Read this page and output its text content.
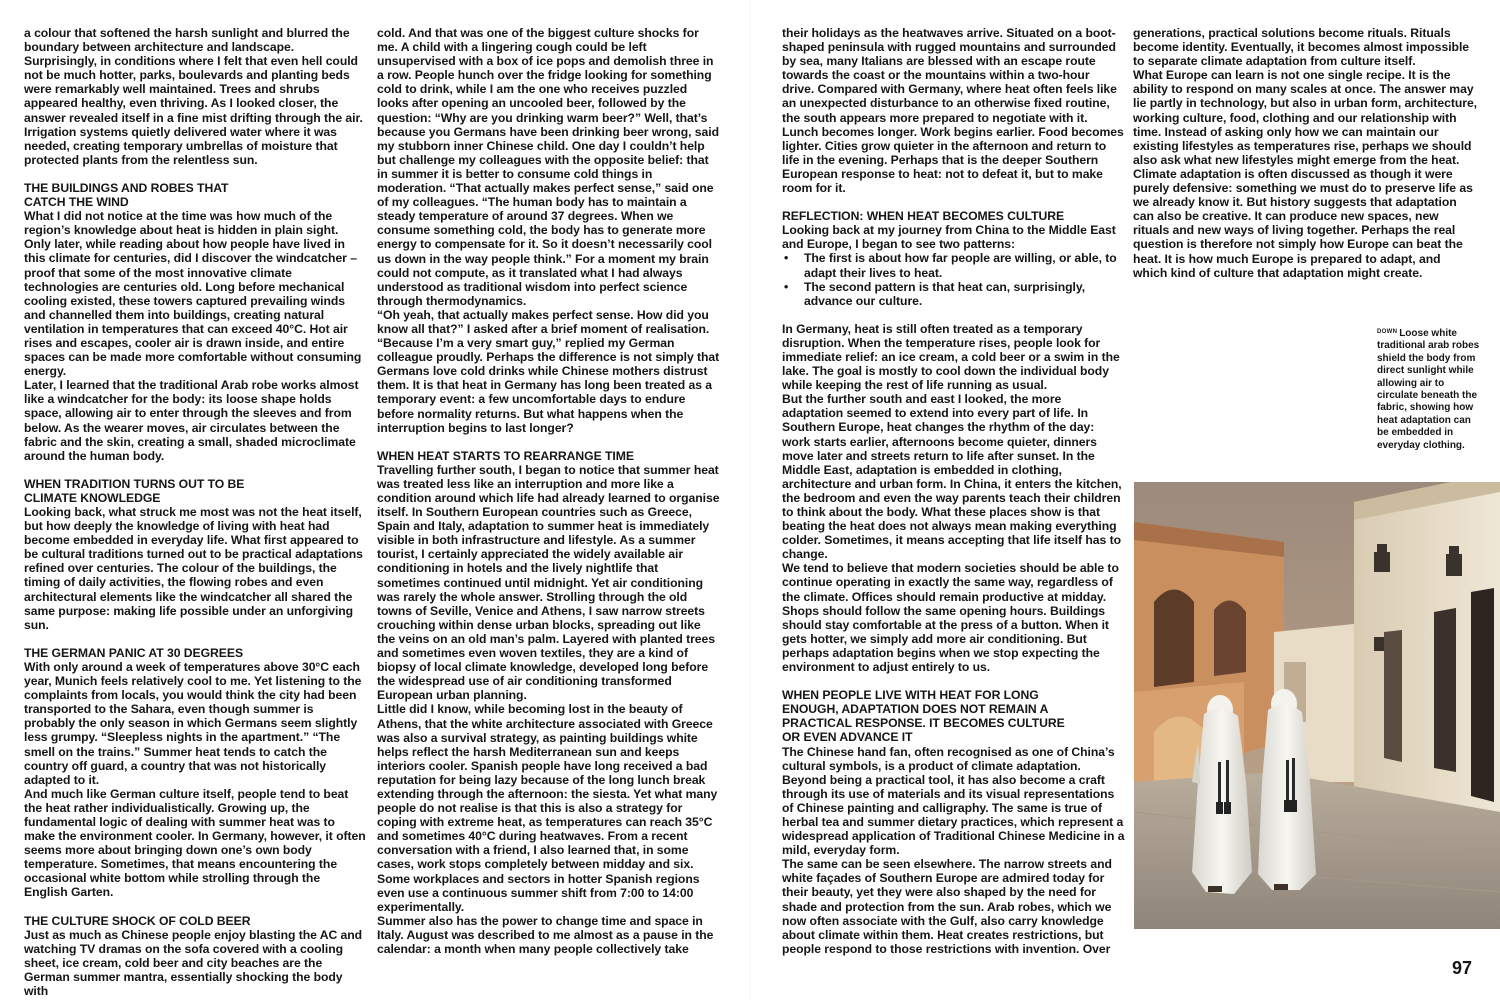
a colour that softened the harsh sunlight and blurred the boundary between architecture and landscape. Surprisingly, in conditions where I felt that even hell could not be much hotter, parks, boulevards and planting beds were remarkably well maintained. Trees and shrubs appeared healthy, even thriving. As I looked closer, the answer revealed itself in a fine mist drifting through the air. Irrigation systems quietly delivered water where it was needed, creating temporary umbrellas of moisture that protected plants from the relentless sun.

THE BUILDINGS AND ROBES THAT CATCH THE WIND

What I did not notice at the time was how much of the region’s knowledge about heat is hidden in plain sight. Only later, while reading about how people have lived in this climate for centuries, did I discover the windcatcher – proof that some of the most innovative climate technologies are centuries old. Long before mechanical cooling existed, these towers captured prevailing winds and channelled them into buildings, creating natural ventilation in temperatures that can exceed 40°C. Hot air rises and escapes, cooler air is drawn inside, and entire spaces can be made more comfortable without consuming energy.

Later, I learned that the traditional Arab robe works almost like a windcatcher for the body: its loose shape holds space, allowing air to enter through the sleeves and from below. As the wearer moves, air circulates between the fabric and the skin, creating a small, shaded microclimate around the human body.

WHEN TRADITION TURNS OUT TO BE CLIMATE KNOWLEDGE

Looking back, what struck me most was not the heat itself, but how deeply the knowledge of living with heat had become embedded in everyday life. What first appeared to be cultural traditions turned out to be practical adaptations refined over centuries. The colour of the buildings, the timing of daily activities, the flowing robes and even architectural elements like the windcatcher all shared the same purpose: making life possible under an unforgiving sun.

THE GERMAN PANIC AT 30 DEGREES

With only around a week of temperatures above 30°C each year, Munich feels relatively cool to me. Yet listening to the complaints from locals, you would think the city had been transported to the Sahara, even though summer is probably the only season in which Germans seem slightly less grumpy. “Sleepless nights in the apartment.” “The smell on the trains.” Summer heat tends to catch the country off guard, a country that was not historically adapted to it.

And much like German culture itself, people tend to beat the heat rather individualistically. Growing up, the fundamental logic of dealing with summer heat was to make the environment cooler. In Germany, however, it often seems more about bringing down one’s own body temperature. Sometimes, that means encountering the occasional white bottom while strolling through the English Garten.

THE CULTURE SHOCK OF COLD BEER

Just as much as Chinese people enjoy blasting the AC and watching TV dramas on the sofa covered with a cooling sheet, ice cream, cold beer and city beaches are the German summer mantra, essentially shocking the body with

cold. And that was one of the biggest culture shocks for me. A child with a lingering cough could be left unsupervised with a box of ice pops and demolish three in a row. People hunch over the fridge looking for something cold to drink, while I am the one who receives puzzled looks after opening an uncooled beer, followed by the question: “Why are you drinking warm beer?” Well, that’s because you Germans have been drinking beer wrong, said my stubborn inner Chinese child. One day I couldn’t help but challenge my colleagues with the opposite belief: that in summer it is better to consume cold things in moderation. “That actually makes perfect sense,” said one of my colleagues. “The human body has to maintain a steady temperature of around 37 degrees. When we consume something cold, the body has to generate more energy to compensate for it. So it doesn’t necessarily cool us down in the way people think.” For a moment my brain could not compute, as it translated what I had always understood as traditional wisdom into perfect science through thermodynamics.

“Oh yeah, that actually makes perfect sense. How did you know all that?” I asked after a brief moment of realisation. “Because I’m a very smart guy,” replied my German colleague proudly. Perhaps the difference is not simply that Germans love cold drinks while Chinese mothers distrust them. It is that heat in Germany has long been treated as a temporary event: a few uncomfortable days to endure before normality returns. But what happens when the interruption begins to last longer?

WHEN HEAT STARTS TO REARRANGE TIME

Travelling further south, I began to notice that summer heat was treated less like an interruption and more like a condition around which life had already learned to organise itself. In Southern European countries such as Greece, Spain and Italy, adaptation to summer heat is immediately visible in both infrastructure and lifestyle. As a summer tourist, I certainly appreciated the widely available air conditioning in hotels and the lively nightlife that sometimes continued until midnight. Yet air conditioning was rarely the whole answer. Strolling through the old towns of Seville, Venice and Athens, I saw narrow streets crouching within dense urban blocks, spreading out like the veins on an old man’s palm. Layered with planted trees and sometimes even woven textiles, they are a kind of biopsy of local climate knowledge, developed long before the widespread use of air conditioning transformed European urban planning.

Little did I know, while becoming lost in the beauty of Athens, that the white architecture associated with Greece was also a survival strategy, as painting buildings white helps reflect the harsh Mediterranean sun and keeps interiors cooler. Spanish people have long received a bad reputation for being lazy because of the long lunch break extending through the afternoon: the siesta. Yet what many people do not realise is that this is also a strategy for coping with extreme heat, as temperatures can reach 35°C and sometimes 40°C during heatwaves. From a recent conversation with a friend, I also learned that, in some cases, work stops completely between midday and six. Some workplaces and sectors in hotter Spanish regions even use a continuous summer shift from 7:00 to 14:00 experimentally.

Summer also has the power to change time and space in Italy. August was described to me almost as a pause in the calendar: a month when many people collectively take

their holidays as the heatwaves arrive. Situated on a boot-shaped peninsula with rugged mountains and surrounded by sea, many Italians are blessed with an escape route towards the coast or the mountains within a two-hour drive. Compared with Germany, where heat often feels like an unexpected disturbance to an otherwise fixed routine, the south appears more prepared to negotiate with it. Lunch becomes longer. Work begins earlier. Food becomes lighter. Cities grow quieter in the afternoon and return to life in the evening. Perhaps that is the deeper Southern European response to heat: not to defeat it, but to make room for it.

REFLECTION: WHEN HEAT BECOMES CULTURE

Looking back at my journey from China to the Middle East and Europe, I began to see two patterns:

• The first is about how far people are willing, or able, to adapt their lives to heat.
• The second pattern is that heat can, surprisingly, advance our culture.

In Germany, heat is still often treated as a temporary disruption. When the temperature rises, people look for immediate relief: an ice cream, a cold beer or a swim in the lake. The goal is mostly to cool down the individual body while keeping the rest of life running as usual.

But the further south and east I looked, the more adaptation seemed to extend into every part of life. In Southern Europe, heat changes the rhythm of the day: work starts earlier, afternoons become quieter, dinners move later and streets return to life after sunset. In the Middle East, adaptation is embedded in clothing, architecture and urban form. In China, it enters the kitchen, the bedroom and even the way parents teach their children to think about the body. What these places show is that beating the heat does not always mean making everything colder. Sometimes, it means accepting that life itself has to change.

We tend to believe that modern societies should be able to continue operating in exactly the same way, regardless of the climate. Offices should remain productive at midday. Shops should follow the same opening hours. Buildings should stay comfortable at the press of a button. When it gets hotter, we simply add more air conditioning. But perhaps adaptation begins when we stop expecting the environment to adjust entirely to us.

WHEN PEOPLE LIVE WITH HEAT FOR LONG ENOUGH, ADAPTATION DOES NOT REMAIN A PRACTICAL RESPONSE. IT BECOMES CULTURE OR EVEN ADVANCE IT

The Chinese hand fan, often recognised as one of China’s cultural symbols, is a product of climate adaptation. Beyond being a practical tool, it has also become a craft through its use of materials and its visual representations of Chinese painting and calligraphy. The same is true of herbal tea and summer dietary practices, which represent a widespread application of Traditional Chinese Medicine in a mild, everyday form.

The same can be seen elsewhere. The narrow streets and white façades of Southern Europe are admired today for their beauty, yet they were also shaped by the need for shade and protection from the sun. Arab robes, which we now often associate with the Gulf, also carry knowledge about climate within them. Heat creates restrictions, but people respond to those restrictions with invention. Over

generations, practical solutions become rituals. Rituals become identity. Eventually, it becomes almost impossible to separate climate adaptation from culture itself.

What Europe can learn is not one single recipe. It is the ability to respond on many scales at once. The answer may lie partly in technology, but also in urban form, architecture, working culture, food, clothing and our relationship with time. Instead of asking only how we can maintain our existing lifestyles as temperatures rise, perhaps we should also ask what new lifestyles might emerge from the heat. Climate adaptation is often discussed as though it were purely defensive: something we must do to preserve life as we already know it. But history suggests that adaptation can also be creative. It can produce new spaces, new rituals and new ways of living together. Perhaps the real question is therefore not simply how Europe can beat the heat. It is how much Europe is prepared to adapt, and which kind of culture that adaptation might create.

$^{DOWN}$ Loose white traditional arab robes shield the body from direct sunlight while allowing air to circulate beneath the fabric, showing how heat adaptation can be embedded in everyday clothing.
97
